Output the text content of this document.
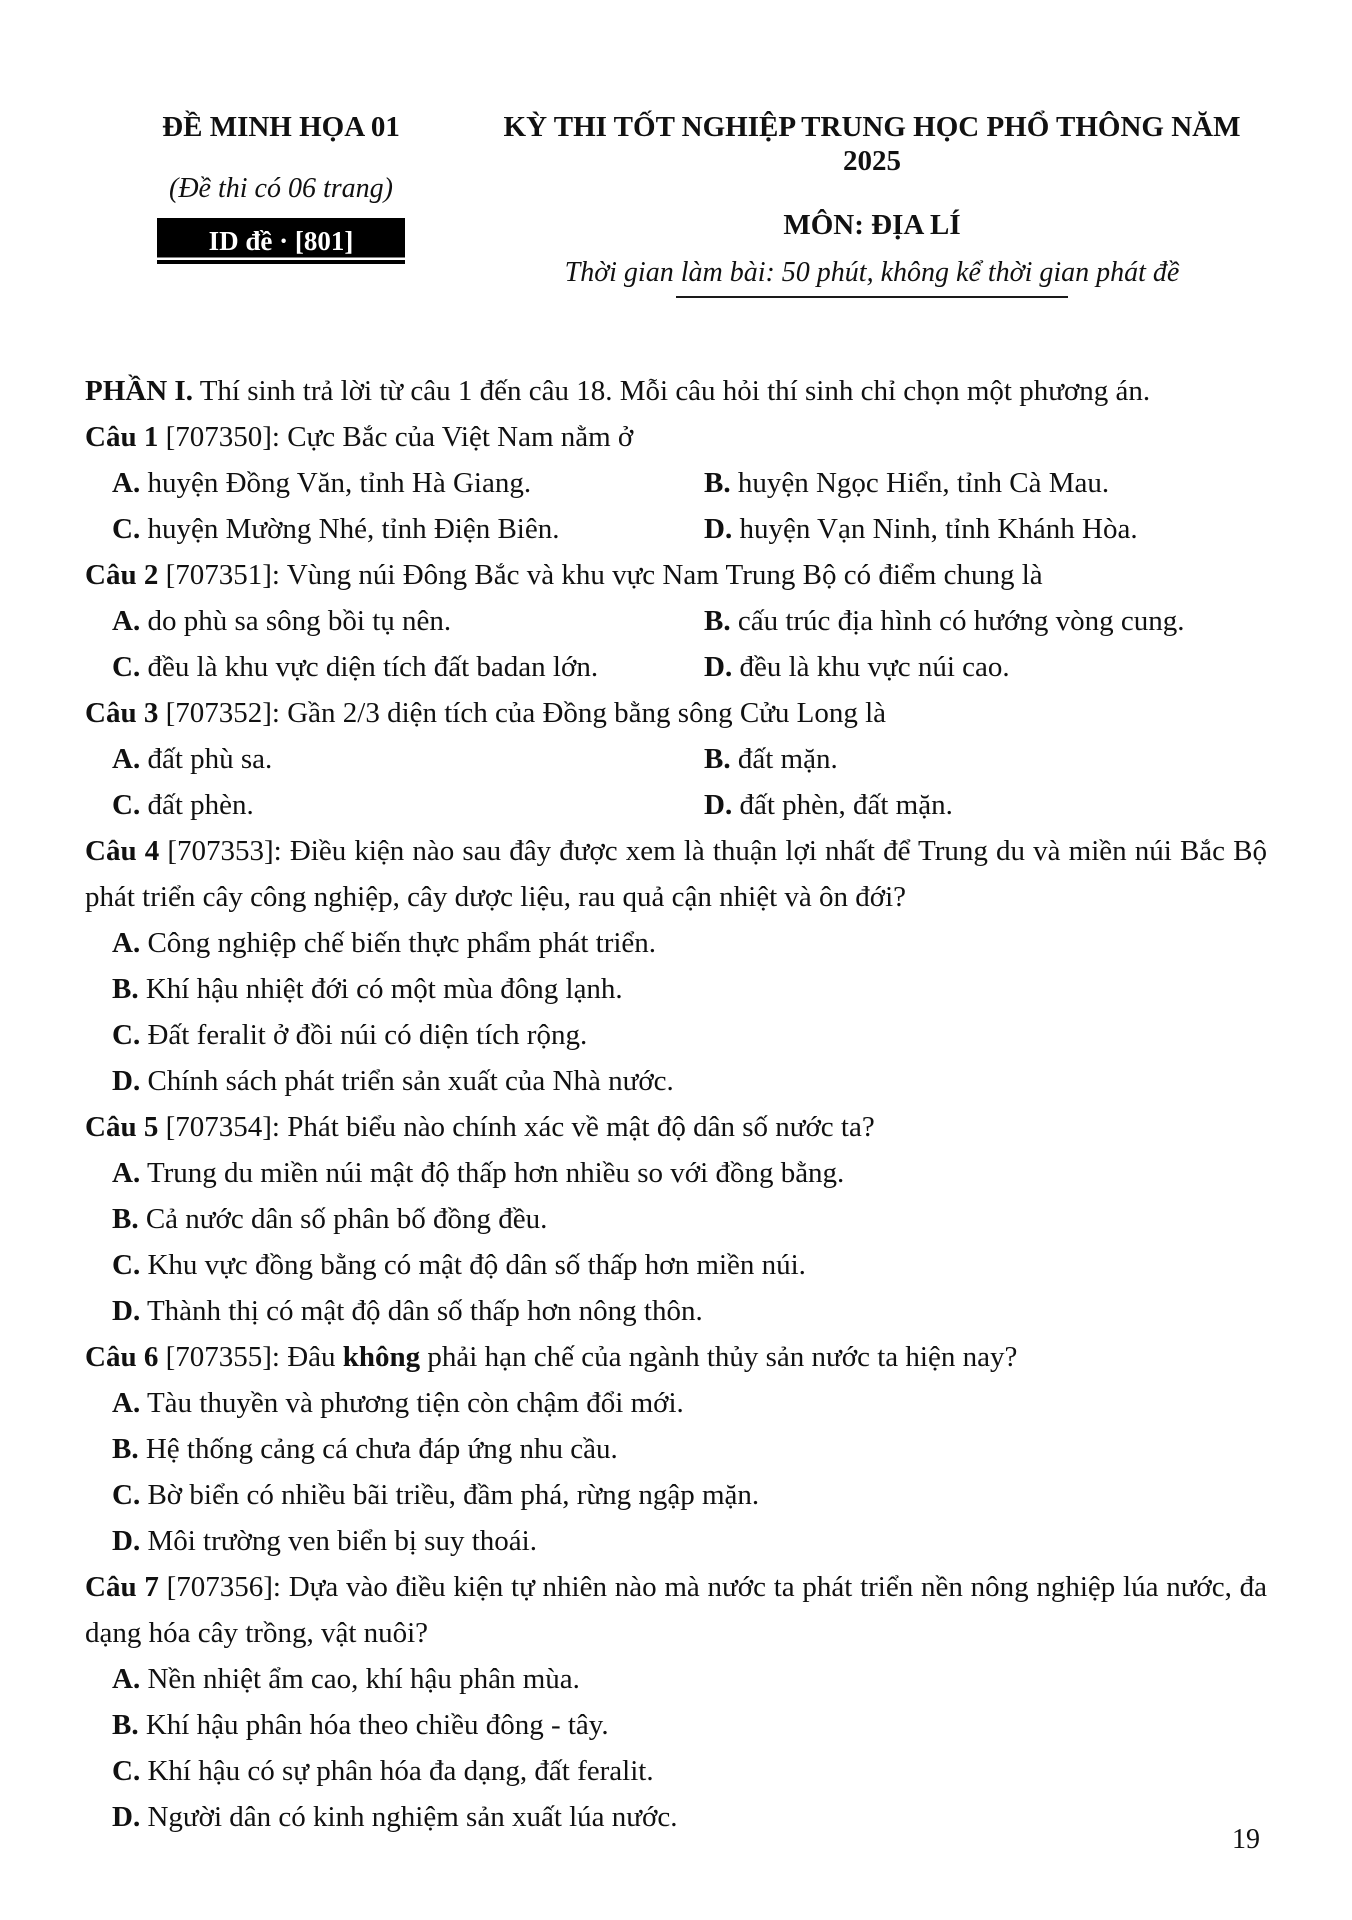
ĐỀ MINH HỌA 01
(Đề thi có 06 trang)
ID đề · [801]
KỲ THI TỐT NGHIỆP TRUNG HỌC PHỔ THÔNG NĂM 2025
MÔN: ĐỊA LÍ
Thời gian làm bài: 50 phút, không kể thời gian phát đề

PHẦN I. Thí sinh trả lời từ câu 1 đến câu 18. Mỗi câu hỏi thí sinh chỉ chọn một phương án.

Câu 1 [707350]: Cực Bắc của Việt Nam nằm ở

A. huyện Đồng Văn, tỉnh Hà Giang.	B. huyện Ngọc Hiển, tỉnh Cà Mau.
C. huyện Mường Nhé, tỉnh Điện Biên.	D. huyện Vạn Ninh, tỉnh Khánh Hòa.

Câu 2 [707351]: Vùng núi Đông Bắc và khu vực Nam Trung Bộ có điểm chung là

A. do phù sa sông bồi tụ nên.	B. cấu trúc địa hình có hướng vòng cung.
C. đều là khu vực diện tích đất badan lớn.	D. đều là khu vực núi cao.

Câu 3 [707352]: Gần 2/3 diện tích của Đồng bằng sông Cửu Long là

A. đất phù sa.	B. đất mặn.
C. đất phèn.	D. đất phèn, đất mặn.

Câu 4 [707353]: Điều kiện nào sau đây được xem là thuận lợi nhất để Trung du và miền núi Bắc Bộ phát triển cây công nghiệp, cây dược liệu, rau quả cận nhiệt và ôn đới?

A. Công nghiệp chế biến thực phẩm phát triển.
B. Khí hậu nhiệt đới có một mùa đông lạnh.
C. Đất feralit ở đồi núi có diện tích rộng.
D. Chính sách phát triển sản xuất của Nhà nước.

Câu 5 [707354]: Phát biểu nào chính xác về mật độ dân số nước ta?

A. Trung du miền núi mật độ thấp hơn nhiều so với đồng bằng.
B. Cả nước dân số phân bố đồng đều.
C. Khu vực đồng bằng có mật độ dân số thấp hơn miền núi.
D. Thành thị có mật độ dân số thấp hơn nông thôn.

Câu 6 [707355]: Đâu không phải hạn chế của ngành thủy sản nước ta hiện nay?

A. Tàu thuyền và phương tiện còn chậm đổi mới.
B. Hệ thống cảng cá chưa đáp ứng nhu cầu.
C. Bờ biển có nhiều bãi triều, đầm phá, rừng ngập mặn.
D. Môi trường ven biển bị suy thoái.

Câu 7 [707356]: Dựa vào điều kiện tự nhiên nào mà nước ta phát triển nền nông nghiệp lúa nước, đa dạng hóa cây trồng, vật nuôi?

A. Nền nhiệt ẩm cao, khí hậu phân mùa.
B. Khí hậu phân hóa theo chiều đông - tây.
C. Khí hậu có sự phân hóa đa dạng, đất feralit.
D. Người dân có kinh nghiệm sản xuất lúa nước.
19
